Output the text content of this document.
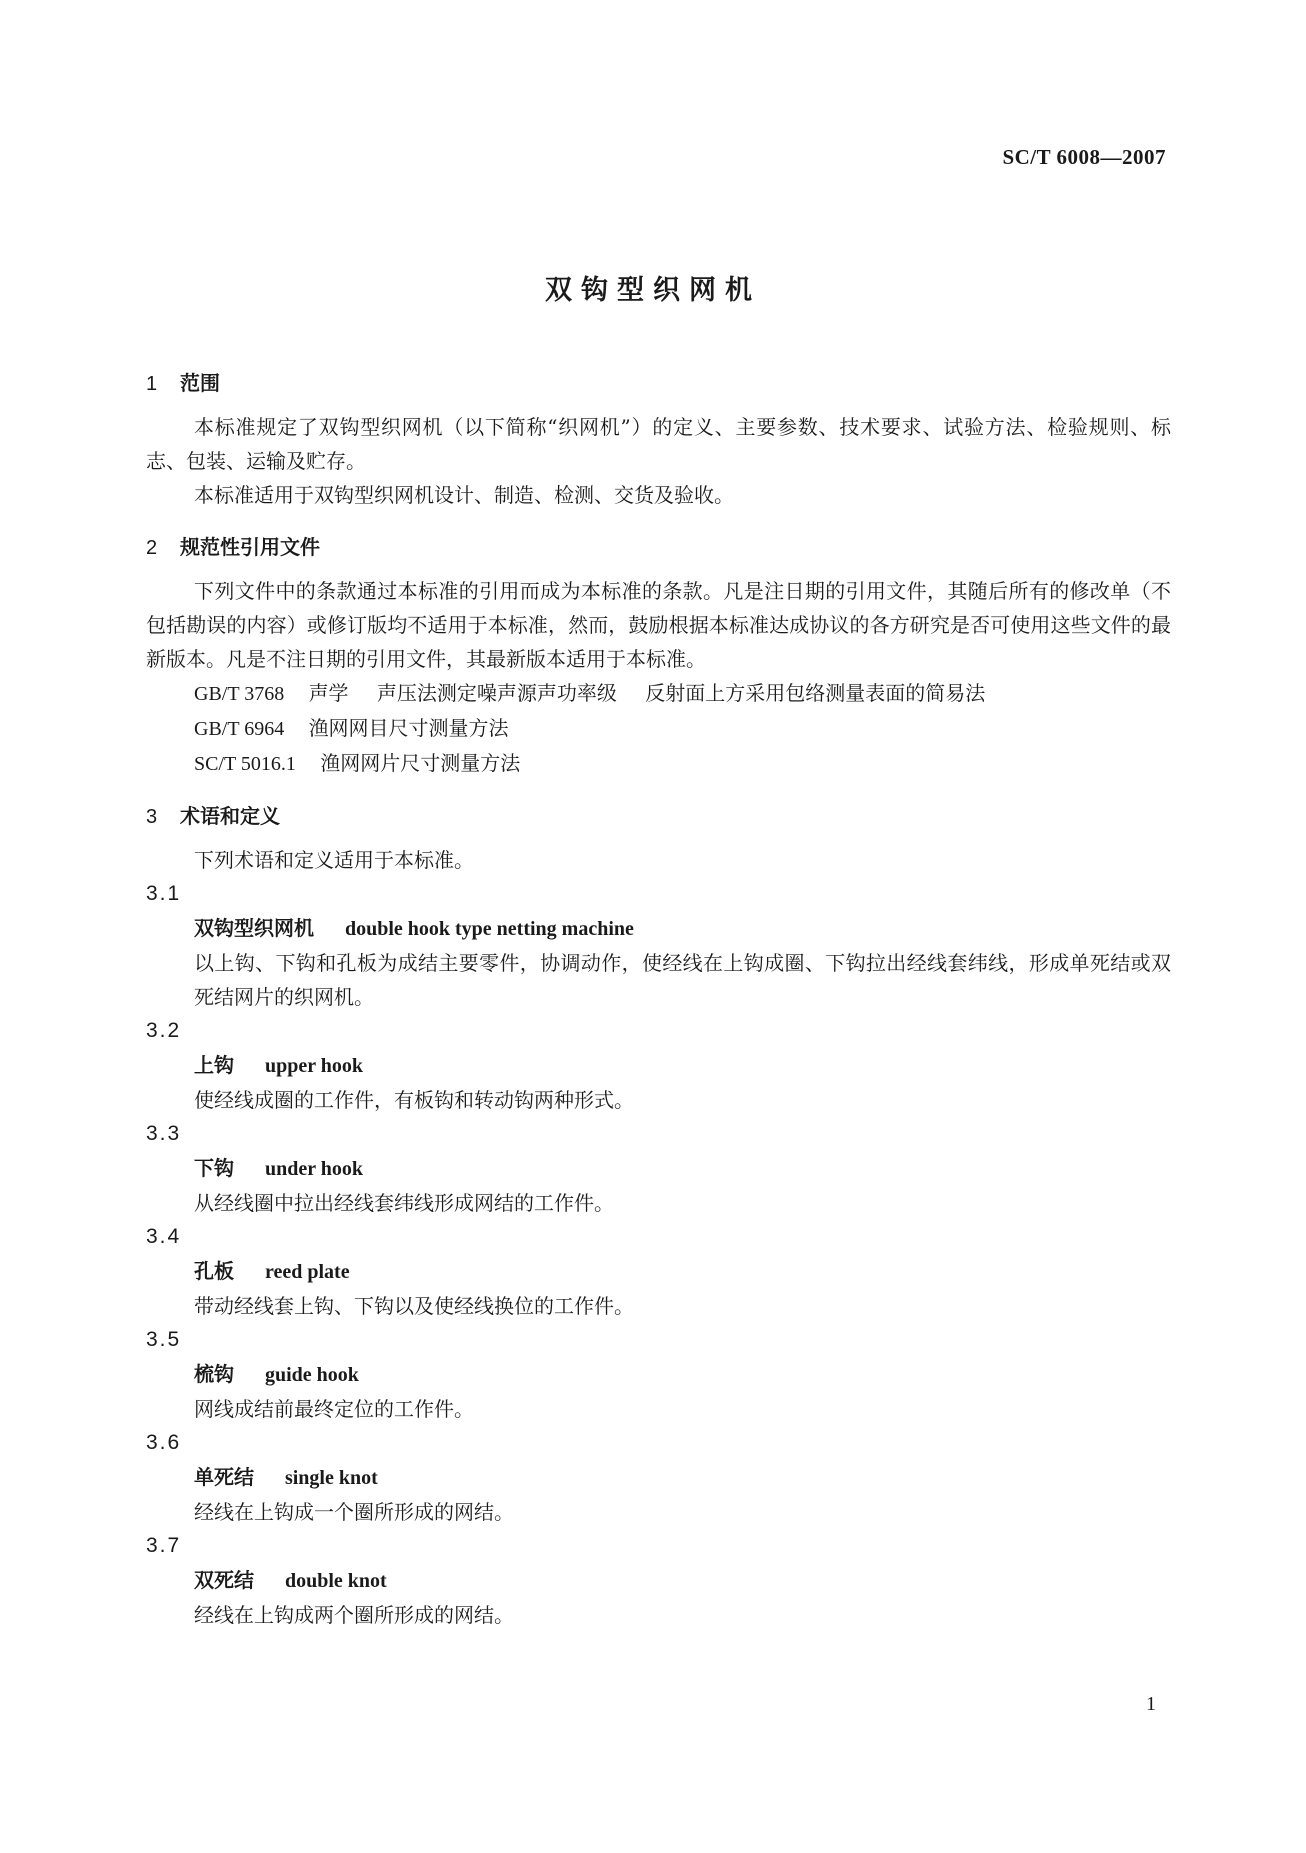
SC/T 6008—2007
双钩型织网机
1	范围
本标准规定了双钩型织网机（以下简称“织网机”）的定义、主要参数、技术要求、试验方法、检验规则、标志、包装、运输及贮存。
本标准适用于双钩型织网机设计、制造、检测、交货及验收。
2	规范性引用文件
下列文件中的条款通过本标准的引用而成为本标准的条款。凡是注日期的引用文件，其随后所有的修改单（不包括勘误的内容）或修订版均不适用于本标准，然而，鼓励根据本标准达成协议的各方研究是否可使用这些文件的最新版本。凡是不注日期的引用文件，其最新版本适用于本标准。
GB/T 3768 声学 声压法测定噪声源声功率级 反射面上方采用包络测量表面的简易法
GB/T 6964 渔网网目尺寸测量方法
SC/T 5016.1 渔网网片尺寸测量方法
3	术语和定义
下列术语和定义适用于本标准。
3.1
双钩型织网机 double hook type netting machine
以上钩、下钩和孔板为成结主要零件，协调动作，使经线在上钩成圈、下钩拉出经线套纬线，形成单死结或双死结网片的织网机。
3.2
上钩 upper hook
使经线成圈的工作件，有板钩和转动钩两种形式。
3.3
下钩 under hook
从经线圈中拉出经线套纬线形成网结的工作件。
3.4
孔板 reed plate
带动经线套上钩、下钩以及使经线换位的工作件。
3.5
梳钩 guide hook
网线成结前最终定位的工作件。
3.6
单死结 single knot
经线在上钩成一个圈所形成的网结。
3.7
双死结 double knot
经线在上钩成两个圈所形成的网结。
1
